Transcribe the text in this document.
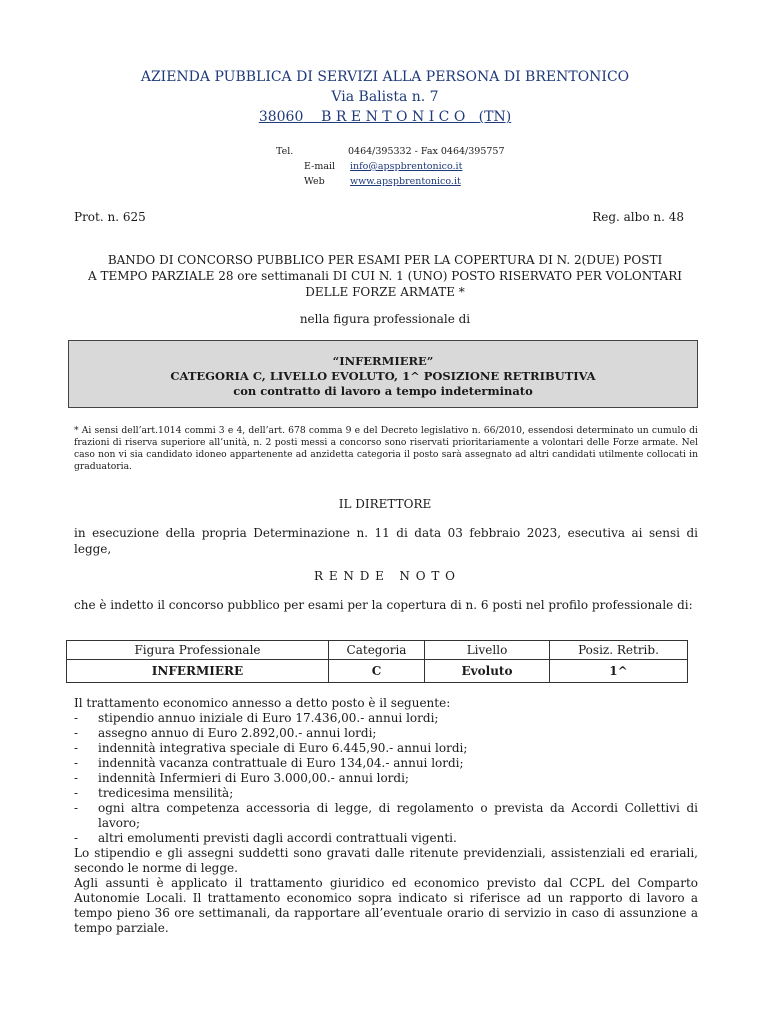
AZIENDA PUBBLICA DI SERVIZI ALLA PERSONA DI BRENTONICO
Via Balista n. 7
38060 B R E N T O N I C O (TN)
Tel.	0464/395332 - Fax 0464/395757
E-mail	info@apspbrentonico.it
Web	www.apspbrentonico.it
Prot. n. 625	Reg. albo n. 48
BANDO DI CONCORSO PUBBLICO PER ESAMI PER LA COPERTURA DI N. 2(DUE) POSTI
A TEMPO PARZIALE 28 ore settimanali DI CUI N. 1 (UNO) POSTO RISERVATO PER VOLONTARI
DELLE FORZE ARMATE *
nella figura professionale di
“INFERMIERE”
CATEGORIA C, LIVELLO EVOLUTO, 1^ POSIZIONE RETRIBUTIVA
con contratto di lavoro a tempo indeterminato
* Ai sensi dell’art.1014 commi 3 e 4, dell’art. 678 comma 9 e del Decreto legislativo n. 66/2010, essendosi determinato un cumulo di frazioni di riserva superiore all’unità, n. 2 posti messi a concorso sono riservati prioritariamente a volontari delle Forze armate. Nel caso non vi sia candidato idoneo appartenente ad anzidetta categoria il posto sarà assegnato ad altri candidati utilmente collocati in graduatoria.
IL DIRETTORE
in esecuzione della propria Determinazione n. 11 di data 03 febbraio 2023, esecutiva ai sensi di legge,
R E N D E   N O T O
che è indetto il concorso pubblico per esami per la copertura di n. 6 posti nel profilo professionale di:
Figura Professionale	Categoria	Livello	Posiz. Retrib.
INFERMIERE	C	Evoluto	1^

Il trattamento economico annesso a detto posto è il seguente:

-	stipendio annuo iniziale di Euro 17.436,00.- annui lordi;
-	assegno annuo di Euro 2.892,00.- annui lordi;
-	indennità integrativa speciale di Euro 6.445,90.- annui lordi;
-	indennità vacanza contrattuale di Euro 134,04.- annui lordi;
-	indennità Infermieri di Euro 3.000,00.- annui lordi;
-	tredicesima mensilità;
-	ogni altra competenza accessoria di legge, di regolamento o prevista da Accordi Collettivi di lavoro;
-	altri emolumenti previsti dagli accordi contrattuali vigenti.

Lo stipendio e gli assegni suddetti sono gravati dalle ritenute previdenziali, assistenziali ed erariali, secondo le norme di legge.

Agli assunti è applicato il trattamento giuridico ed economico previsto dal CCPL del Comparto Autonomie Locali. Il trattamento economico sopra indicato si riferisce ad un rapporto di lavoro a tempo pieno 36 ore settimanali, da rapportare all’eventuale orario di servizio in caso di assunzione a tempo parziale.
